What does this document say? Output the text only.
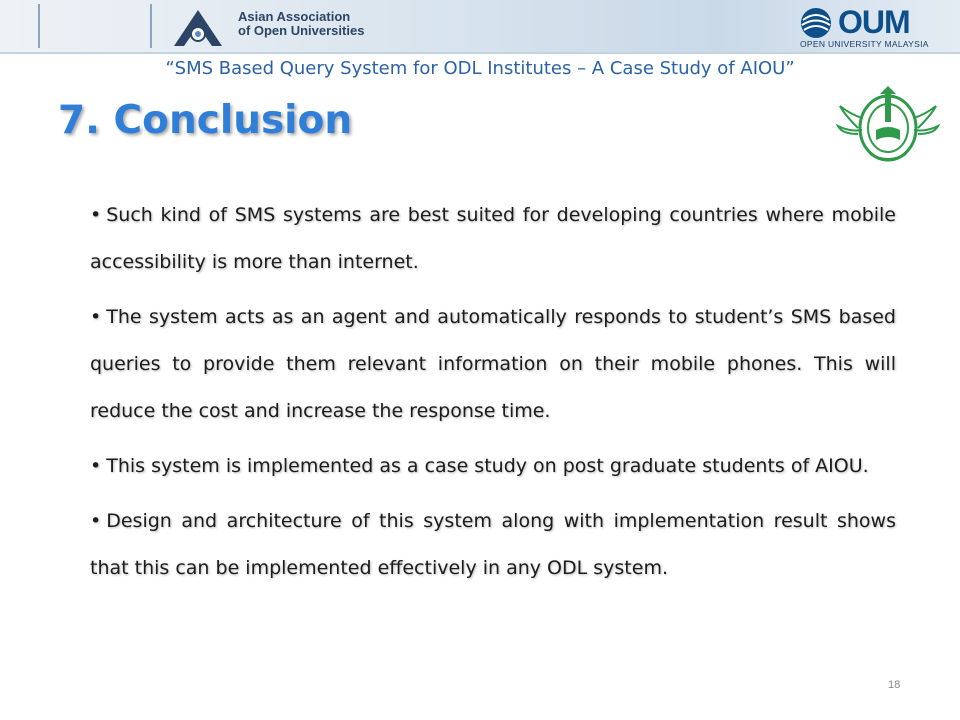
Asian Association
of Open Universities	OUM
OPEN UNIVERSITY MALAYSIA
“SMS Based Query System for ODL Institutes – A Case Study of AIOU”
7. Conclusion
• Such kind of SMS systems are best suited for developing countries where mobile accessibility is more than internet.
• The system acts as an agent and automatically responds to student’s SMS based queries to provide them relevant information on their mobile phones. This will reduce the cost and increase the response time.
• This system is implemented as a case study on post graduate students of AIOU.
• Design and architecture of this system along with implementation result shows that this can be implemented effectively in any ODL system.
18
